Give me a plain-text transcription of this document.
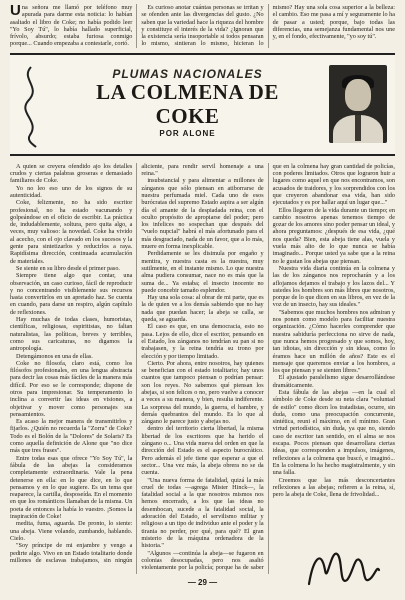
Una señora me llamó por teléfono muy apurada para darme esta noticia: lo habían asaltado el libro de Coke; no había podido leer "Yo Soy Tú", lo había hallado superficial, frívolo, absurdo; estaba furiosa conmigo porque... Cuando empezaba a contestarle, cortó.

Es curioso anotar cuántas personas se irritan y se ofenden ante las divergencias del gusto. ¿No saben que la variedad hace la riqueza del hombre y constituye el interés de la vida? ¿Ignoran que la existencia sería insoportable si todos pensaran lo mismo, sintieran lo mismo, hicieran lo mismo? Hay una sola cosa superior a la belleza: el cambio. Eso me pasa a mí y seguramente lo ha de pasar a usted; porque, bajo todas las diferencias, una semejanza fundamental nos une y, en el fondo, efectivamente, "yo soy tú".

PLUMAS NACIONALES
LA COLMENA DE
COKE
POR ALONE

A quien se creyera ofendido ajo los detalles crudos y ciertas palabras groseras e demasiado familiares de Coke.

Yo no leo eso uno de los signos de su autenticidad.

Coke, felizmente, no ha sido escritor profesional, no ha estado vacunando y golpeándose en el oficio de escribir. La práctica de, indudablemente, soltura, pero quita algo, a veces, muy valioso: la novedad. Coke ha vivido al acecho, con el ojo clavado en los sucesos y la gente para sintetizarlos y reducirlos a raya. Rapidísima dirección, continuada acumulación de materiales.

Se siente en su libro desde el primer paso.

Siempre tiene algo que contar, una observación, un caso curioso, fácil de reproducir y no concentrando visiblemente sus recursos hasta convertirlos en un apretado haz. Se cuenta en cuando, para darse un respiro, algún capítulo de reflexiones.

Hay muchas de todas clases, humoristas, científicas, religiosas, espiritistas, no faltan naturalistas, las políticas, breves y terribles, como sus caricaturas, no digamos la antropología.

Detengámonos en una de ellas.

Coke no filosofa, claro está, como los filósofos profesionales, en una lengua abstracta para decir las cosas más fáciles de la manera más difícil. Por eso se le corresponde; dispone de otros para impresionar. Su temperamento lo inclina a convertir las ideas en visiones, a objetivar y mover como personajes sus pensamientos.

Es acaso la mejor manera de transmitirlos y fijarlos. ¿Quién no recuerda la "Zorra" de Coke? Todo es el Bolón de la "Dolores" de Solaris? Es como aquella definición de Alone que "no dice más que tres frases".

Entre todas esas que ofrece "Yo Soy Tú", la fábula de las abejas la consideramos completamente extraordinaria. Vale la pena detenerse en ella: en lo que dice, en lo que pensamos y en lo que sugiere. Es un tema que reaparece, la cartilla, desposeída. En el momento en que los románticos llamaban de la misma. Un poeta de entonces la había lo vuestro. ¡Somos la inspiración de Coke!

medita, fuma, aguarda. De pronto, lo siente: una abeja. Viene volando, zumbando, hablando. Cielo.

"Soy príncipe de mi enjambre y vengo a pedirte algo. Vivo en un Estado totalitario donde millones de esclavas trabajamos, sin ningún aliciente, para rendir servil homenaje a una reina."

insubstancial y para alimentar a millones de zánganos que sólo piensan en atiborrarse de nuestra perfumada miel. Cada uno de esos burócratas del supremo Estado aspira a ser algún día el amante de la despiadada reina, con el oculto propósito de apropiarse del poder; pero los infelices no sospechan que después del "vuelo nupcial" habrá el más afortunado para el más desgraciado, nada de un favor, que a lo más, muere en forma inexplicable.

Perdidamente se les disimula por engaño y mentira, y nuestra casta es la nuestra, muy sutilmente, en el instante mismo. Lo que nuestra alma pudiera consumar, nace no es más que la suma de... Ya estaba; el insecto inocente no puede concebir tamaño esplendor.

Hay una sola cosa: al obrar de mi parte, que es la de quien ve a los demás sabiendo que no hay nada que puedan hacer; la abeja se calla, se queda, se aguarda.

El caso es que, en una democracia, esto no pasa. Lejos de ello, dice el escritor, pensando en el Estado, los zánganos no tendrían su pan si no trabajasen, y la reina tendría su trono por elección y por tiempo limitado.

Cierto. Por ahora, entre nosotros, hay quienes se benefician con el estado totalitario; hay unos cuantos que tampoco piensan o podrían pensar: son los reyes. No sabemos qué piensan los abejas, si son felices o no, pero vuelve a conocer a veces a su manera, y bien, resulta indiferente. La sorpresa del mundo, la guerra, el hambre, y demás quebrantos del mundo. Es lo que al zángano le parece justo y abejas no.

dentro del territorio cierta libertad, la misma libertad de los escritores que ha herido el zángano o... Una vida nueva del orden en que la dirección del Estado es el aspecto burocrático. Pero además el jefe tiene que esperar a que el sector... Una vez más, la abeja obrera no se da cuenta.

"Una nueva forma de fatalidad, quizá la más cruel de todas —agrega Mister Hinck—, la fatalidad social a la que nosotros mismos nos hemos encerrado, a los que las ideas no desembocan, sucede a la fatalidad social, la adoración del Estado, el servilismo militar y religioso a un tipo de individuo ante el poder y la tirania no perder, por qué, para qué? El gran misterio de la máquina ordenadora de la historia."

"Algunos —continúa la abeja—se fugaron en colonias desocupadas, pero nos asaltó violentamente por la policía; porque ha de saber que en la colmena hay gran cantidad de policías, con poderes limitados. Otros que lograron huir a lugares como aquel en que nos encontramos, son acusados de traidores, y los sorprendidos con los que creyeron abandonar esa vida, han sido ejecutados y es por hallar aquí un lugar que..."

Ellos llegaron de la vida durante un tiempo; en cambio nosotros apenas tenemos tiempo de gozar de los amores sino poder pensar un ideal, y ahora preguntamos: ¿después de esa vida, ¿qué nos queda? Bien, esta abeja tiene alas, vuela y vuela más alto de lo que nunca se había imaginado... Porque usted ya sabe que a la reina no le gustan los abejas que piensan.

Nuestra vida diaria continúa en la colmena y las de los zánganos nos reprocharán y a los aflojamos dejamos el trabajo y los lazos del... Y ustedes los hombres son más libres que nosotros, porque de lo que dicen en sus libros, en vez de la voz de un insecto, hay sus ideales."

"Sabemos que muchos hombres nos admiran y nos ponen como modelo para facilitar nuestra organización. ¿Cómo hacerles comprender que nuestra sabiduría perfecciona no sirve de nada, que nunca hemos progresado y que somos, hoy, tan idiotas, sin dirección y sin ideas, como lo éramos hace un millón de años? Este es el mensaje que queremos enviar a los hombres, a los que piensan y se sienten libres."

El ajustado paralelismo sigue desarrollándose dramáticamente.

Esta fábula de las abejas —en la cual el símbolo de Coke desde su neta clara "voluntad de estilo" como dicen los tratadistas, ocurre, sin duda, como una preocupación concurrente, sintética, reuni el máximo, en el mínimo. Gran virtud periodística, sin duda, ya que no, siendo caso de escritor tan sentido, en el alma se nos escapa. Pocos piensan que desarrollara ciertas ideas, que corresponden a impulsos, imágenes, reflexiones a la colmena que buscó, e imaginó... En la colmena lo ha hecho magistralmente, y sin una falla.

Creemos que las más desconcertantes reflexiones a las abejas; refieren a la reina, sí, pero la abeja de Coke, llena de frivolidad...

— 29 —
